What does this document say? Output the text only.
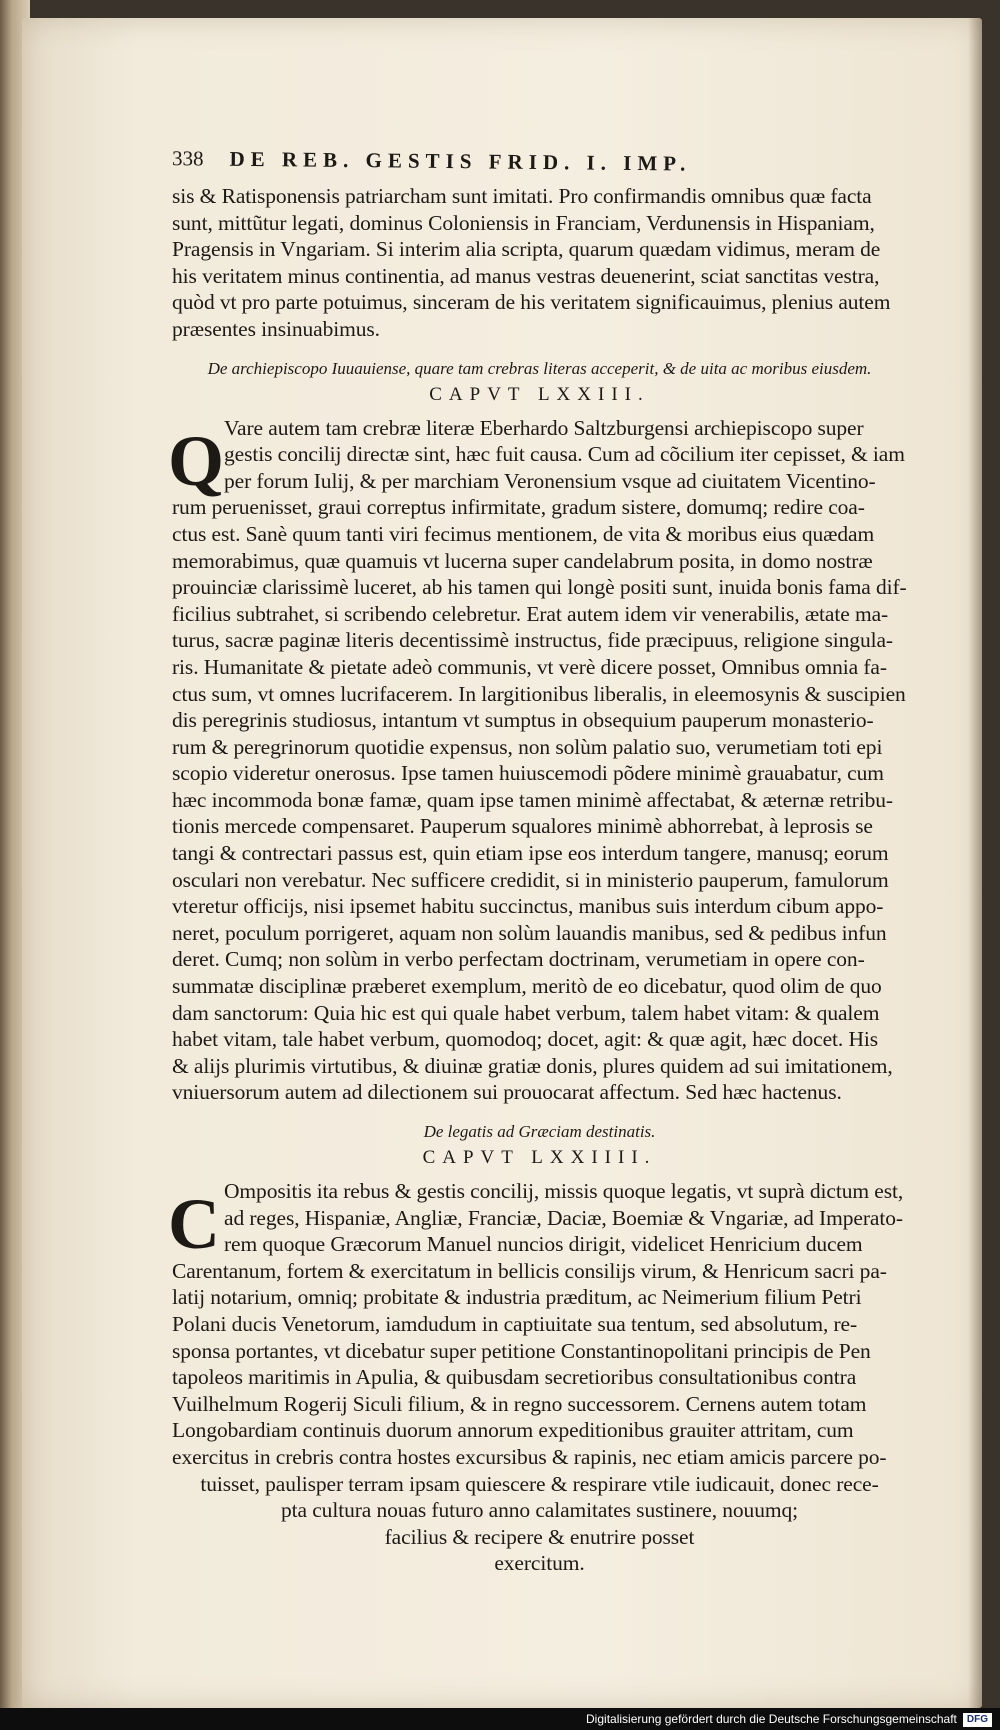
338 DE REB. GESTIS FRID. I. IMP.
sis & Ratisponensis patriarcham sunt imitati. Pro confirmandis omnibus quæ facta
sunt, mittũtur legati, dominus Coloniensis in Franciam, Verdunensis in Hispaniam,
Pragensis in Vngariam. Si interim alia scripta, quarum quædam vidimus, meram de
his veritatem minus continentia, ad manus vestras deuenerint, sciat sanctitas vestra,
quòd vt pro parte potuimus, sinceram de his veritatem significauimus, plenius autem
præsentes insinuabimus.
De archiepiscopo Iuuauiense, quare tam crebras literas acceperit, & de uita ac moribus eiusdem.
CAPVT LXXIII.
Q Vare autem tam crebræ literæ Eberhardo Saltzburgensi archiepiscopo super
gestis concilij directæ sint, hæc fuit causa. Cum ad cõcilium iter cepisset, & iam
per forum Iulij, & per marchiam Veronensium vsque ad ciuitatem Vicentino-
rum peruenisset, graui correptus infirmitate, gradum sistere, domumq; redire coa-
ctus est. Sanè quum tanti viri fecimus mentionem, de vita & moribus eius quædam
memorabimus, quæ quamuis vt lucerna super candelabrum posita, in domo nostræ
prouinciæ clarissimè luceret, ab his tamen qui longè positi sunt, inuida bonis fama dif-
ficilius subtrahet, si scribendo celebretur. Erat autem idem vir venerabilis, ætate ma-
turus, sacræ paginæ literis decentissimè instructus, fide præcipuus, religione singula-
ris. Humanitate & pietate adeò communis, vt verè dicere posset, Omnibus omnia fa-
ctus sum, vt omnes lucrifacerem. In largitionibus liberalis, in eleemosynis & suscipien
dis peregrinis studiosus, intantum vt sumptus in obsequium pauperum monasterio-
rum & peregrinorum quotidie expensus, non solùm palatio suo, verumetiam toti epi
scopio videretur onerosus. Ipse tamen huiuscemodi põdere minimè grauabatur, cum
hæc incommoda bonæ famæ, quam ipse tamen minimè affectabat, & æternæ retribu-
tionis mercede compensaret. Pauperum squalores minimè abhorrebat, à leprosis se
tangi & contrectari passus est, quin etiam ipse eos interdum tangere, manusq; eorum
osculari non verebatur. Nec sufficere credidit, si in ministerio pauperum, famulorum
vteretur officijs, nisi ipsemet habitu succinctus, manibus suis interdum cibum appo-
neret, poculum porrigeret, aquam non solùm lauandis manibus, sed & pedibus infun
deret. Cumq; non solùm in verbo perfectam doctrinam, verumetiam in opere con-
summatæ disciplinæ præberet exemplum, meritò de eo dicebatur, quod olim de quo
dam sanctorum: Quia hic est qui quale habet verbum, talem habet vitam: & qualem
habet vitam, tale habet verbum, quomodoq; docet, agit: & quæ agit, hæc docet. His
& alijs plurimis virtutibus, & diuinæ gratiæ donis, plures quidem ad sui imitationem,
vniuersorum autem ad dilectionem sui prouocarat affectum. Sed hæc hactenus.
De legatis ad Græciam destinatis.
CAPVT LXXIIII.
C Ompositis ita rebus & gestis concilij, missis quoque legatis, vt suprà dictum est,
ad reges, Hispaniæ, Angliæ, Franciæ, Daciæ, Boemiæ & Vngariæ, ad Imperato-
rem quoque Græcorum Manuel nuncios dirigit, videlicet Henricium ducem
Carentanum, fortem & exercitatum in bellicis consilijs virum, & Henricum sacri pa-
latij notarium, omniq; probitate & industria præditum, ac Neimerium filium Petri
Polani ducis Venetorum, iamdudum in captiuitate sua tentum, sed absolutum, re-
sponsa portantes, vt dicebatur super petitione Constantinopolitani principis de Pen
tapoleos maritimis in Apulia, & quibusdam secretioribus consultationibus contra
Vuilhelmum Rogerij Siculi filium, & in regno successorem. Cernens autem totam
Longobardiam continuis duorum annorum expeditionibus grauiter attritam, cum
exercitus in crebris contra hostes excursibus & rapinis, nec etiam amicis parcere po-
tuisset, paulisper terram ipsam quiescere & respirare vtile iudicauit, donec rece-
pta cultura nouas futuro anno calamitates sustinere, nouumq;
facilius & recipere & enutrire posset
exercitum.
Digitalisierung gefördert durch die Deutsche Forschungsgemeinschaft DFG
